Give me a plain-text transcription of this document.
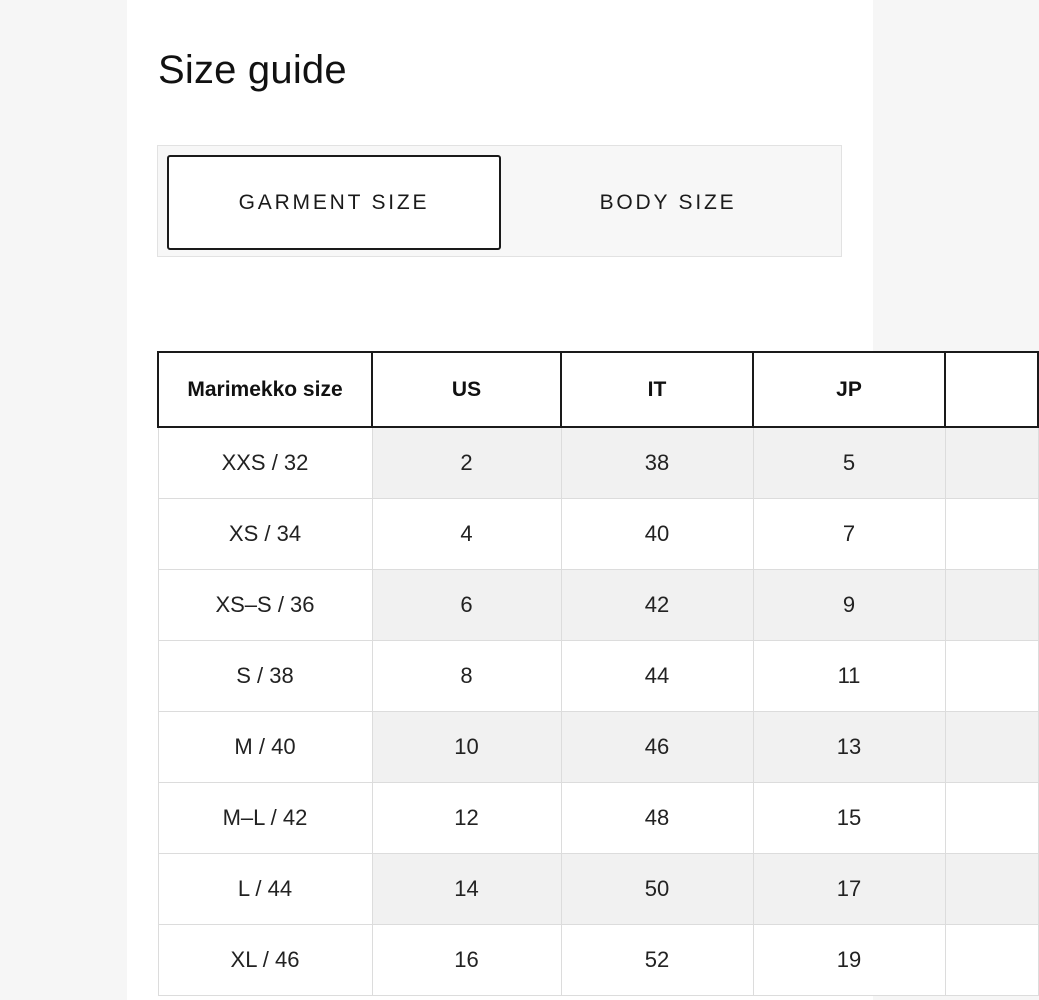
Size guide
GARMENT SIZE	BODY SIZE
Marimekko size	US	IT	JP	
XXS / 32	2	38	5	
XS / 34	4	40	7	
XS–S / 36	6	42	9	
S / 38	8	44	11	
M / 40	10	46	13	
M–L / 42	12	48	15	
L / 44	14	50	17	
XL / 46	16	52	19	
